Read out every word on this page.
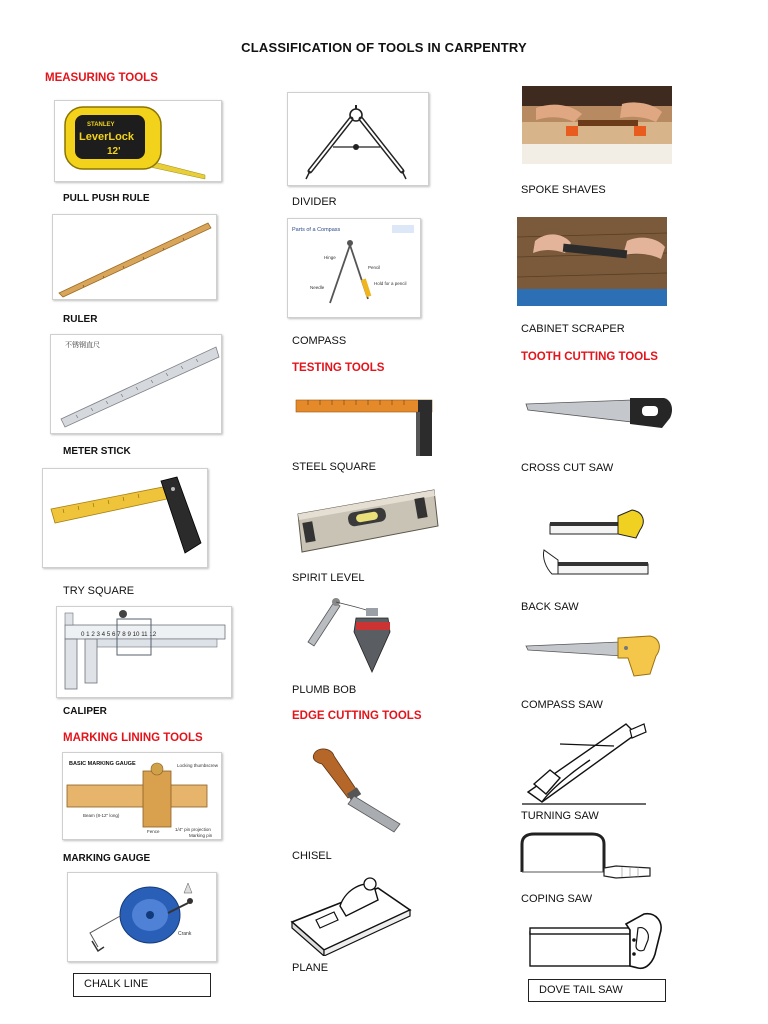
CLASSIFICATION OF TOOLS IN CARPENTRY
MEASURING TOOLS
STANLEY
LeverLock
12'
PULL PUSH RULE
RULER
不锈钢直尺
METER STICK
TRY SQUARE
0 1 2 3 4 5 6 7 8 9 10 11 12
CALIPER
MARKING LINING TOOLS
BASIC MARKING GAUGE	Locking thumbscrew
Beam (8-12" long)
Fence	1/4" pin projection
Marking pin
MARKING GAUGE
Crank
CHALK LINE
DIVIDER
Parts of a Compass
Hinge
Pencil
Needle
Hold for a pencil
COMPASS
TESTING TOOLS
STEEL SQUARE
SPIRIT LEVEL
PLUMB BOB
EDGE CUTTING TOOLS
CHISEL
PLANE
SPOKE SHAVES
CABINET SCRAPER
TOOTH CUTTING TOOLS
CROSS CUT SAW
BACK SAW
COMPASS SAW
TURNING SAW
COPING SAW
DOVE TAIL SAW
